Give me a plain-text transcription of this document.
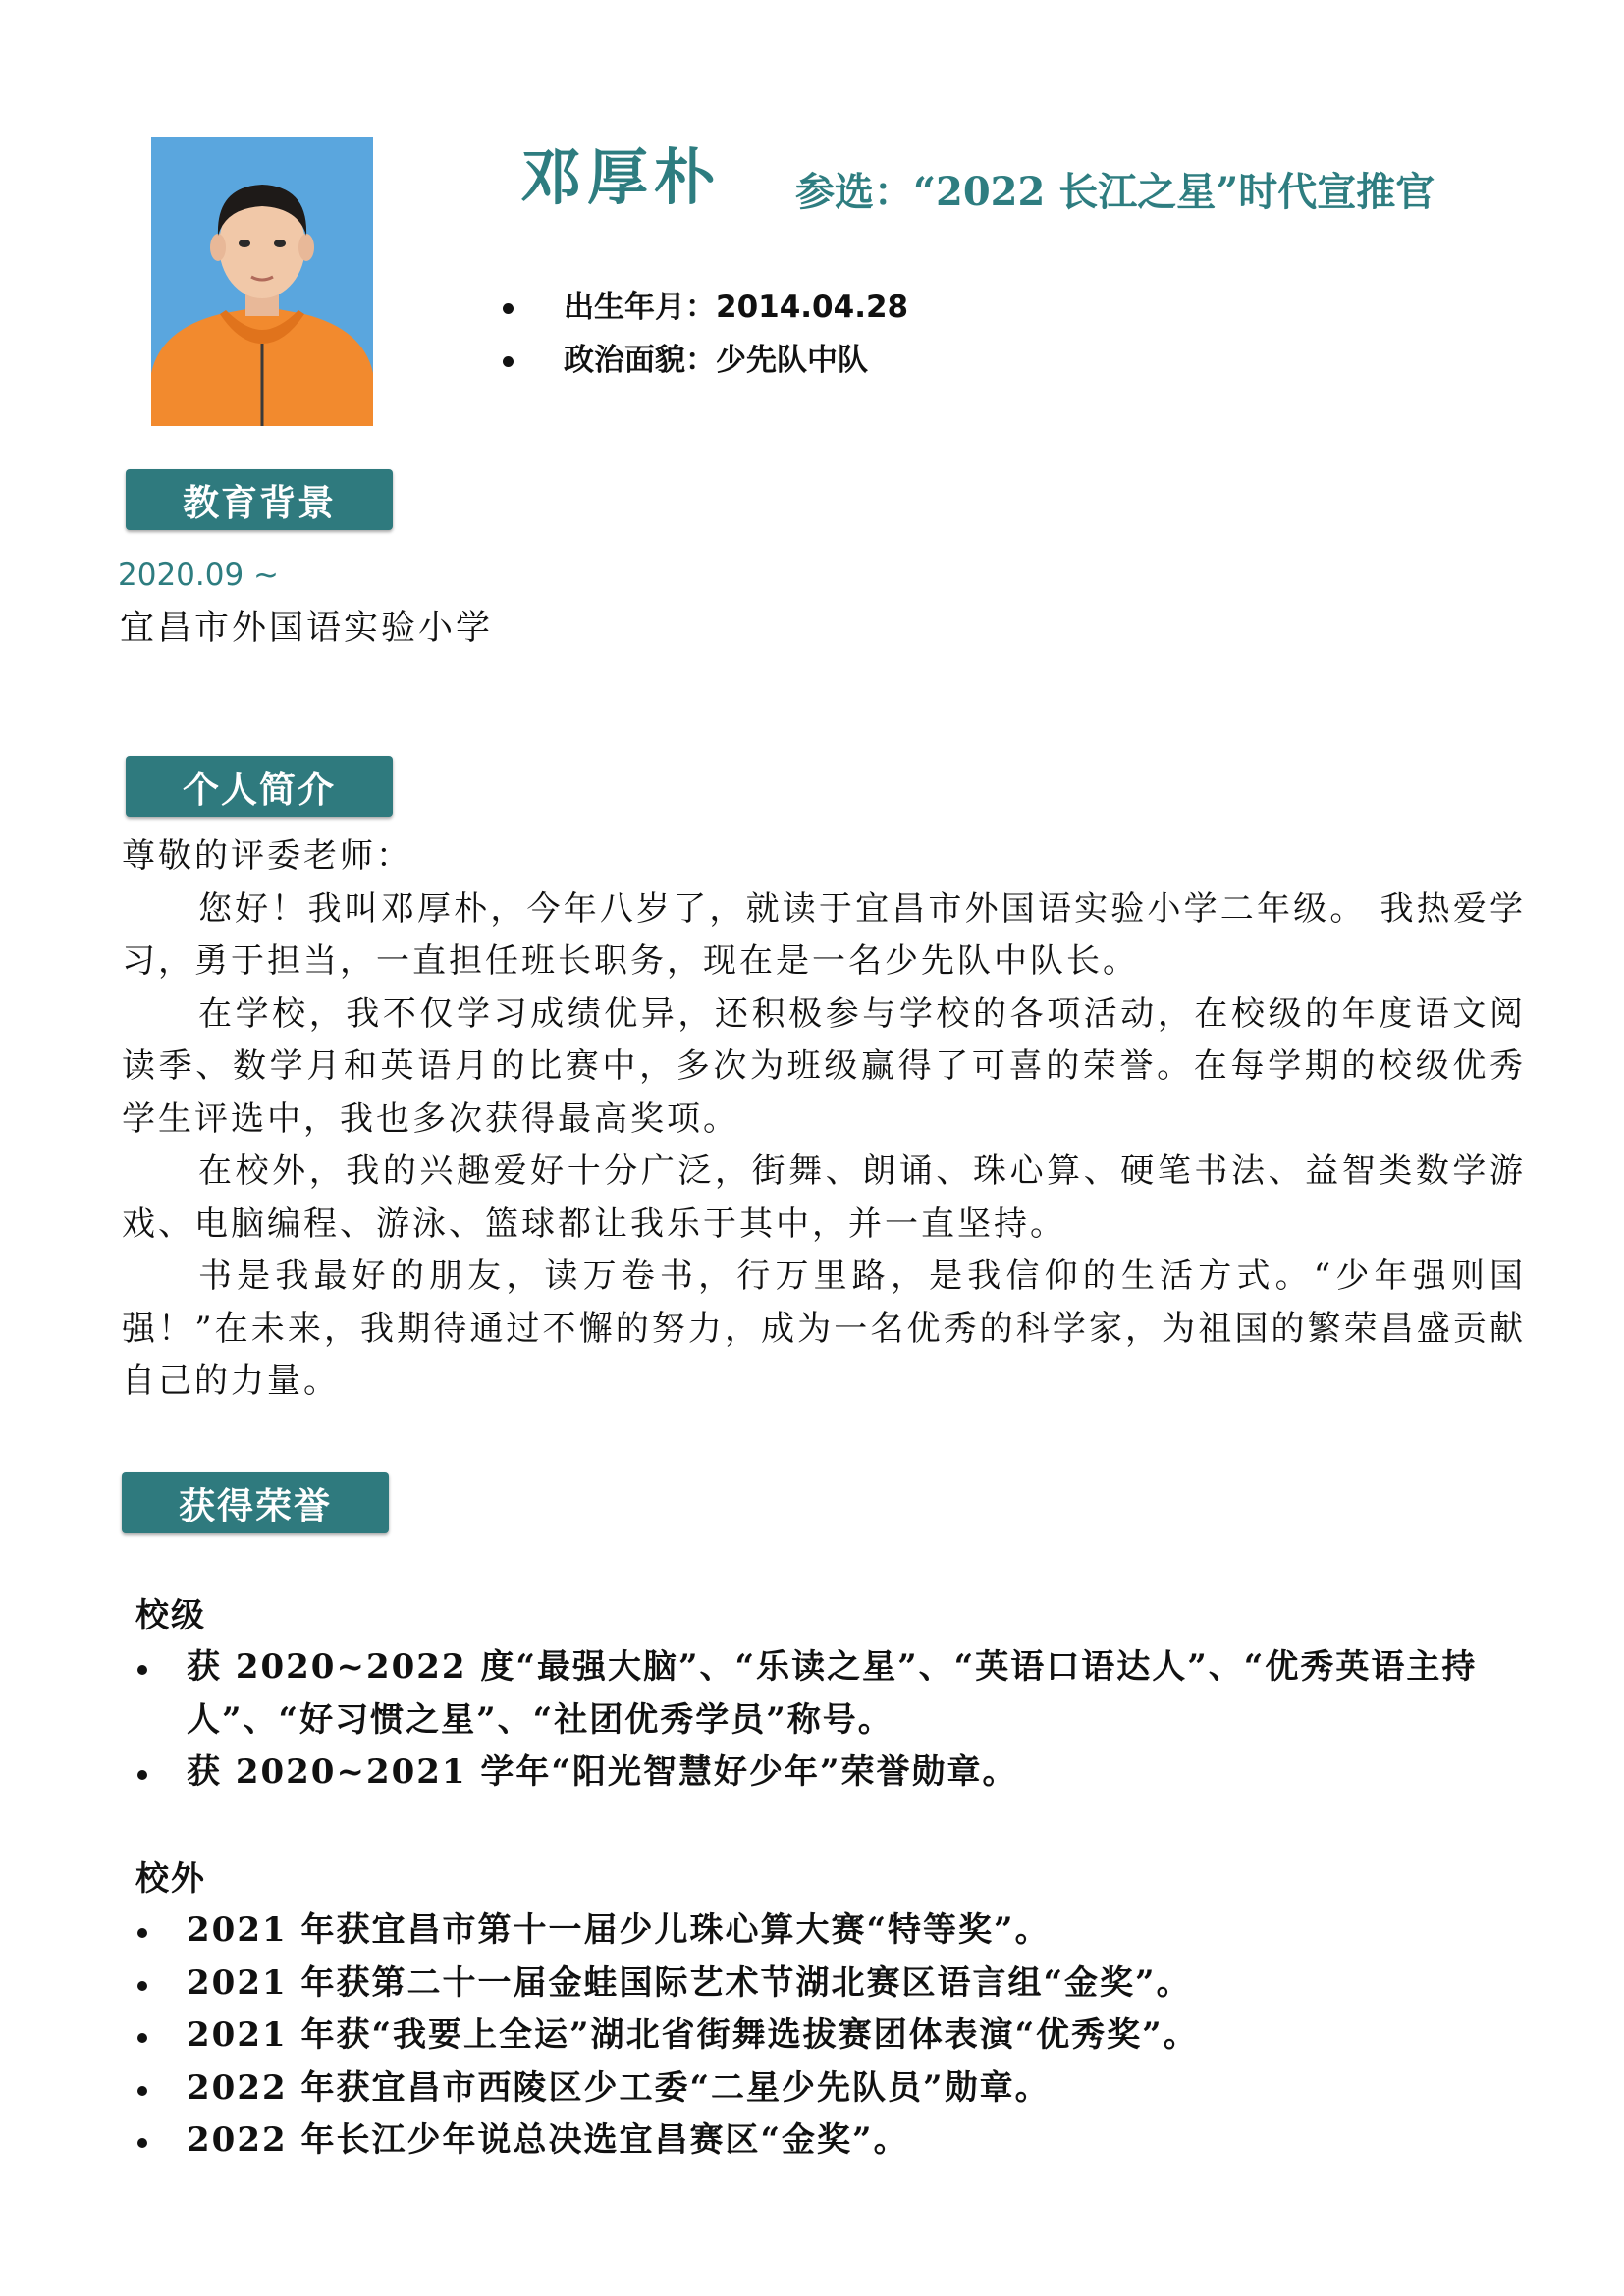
邓厚朴 参选：“2022 长江之星”时代宣推官
出生年月：2014.04.28
政治面貌：少先队中队
教育背景
2020.09 ~
宜昌市外国语实验小学
个人简介

尊敬的评委老师：

您好！我叫邓厚朴，今年八岁了，就读于宜昌市外国语实验小学二年级。 我热爱学习，勇于担当，一直担任班长职务，现在是一名少先队中队长。

在学校，我不仅学习成绩优异，还积极参与学校的各项活动，在校级的年度语文阅读季、数学月和英语月的比赛中，多次为班级赢得了可喜的荣誉。在每学期的校级优秀学生评选中，我也多次获得最高奖项。

在校外，我的兴趣爱好十分广泛，街舞、朗诵、珠心算、硬笔书法、益智类数学游戏、电脑编程、游泳、篮球都让我乐于其中，并一直坚持。

书是我最好的朋友，读万卷书，行万里路，是我信仰的生活方式。“少年强则国强！”在未来，我期待通过不懈的努力，成为一名优秀的科学家，为祖国的繁荣昌盛贡献自己的力量。

获得荣誉
校级
获 2020~2022 度“最强大脑”、“乐读之星”、“英语口语达人”、“优秀英语主持人”、“好习惯之星”、“社团优秀学员”称号。
获 2020~2021 学年“阳光智慧好少年”荣誉勋章。
校外
2021 年获宜昌市第十一届少儿珠心算大赛“特等奖”。
2021 年获第二十一届金蛙国际艺术节湖北赛区语言组“金奖”。
2021 年获“我要上全运”湖北省街舞选拔赛团体表演“优秀奖”。
2022 年获宜昌市西陵区少工委“二星少先队员”勋章。
2022 年长江少年说总决选宜昌赛区“金奖”。
